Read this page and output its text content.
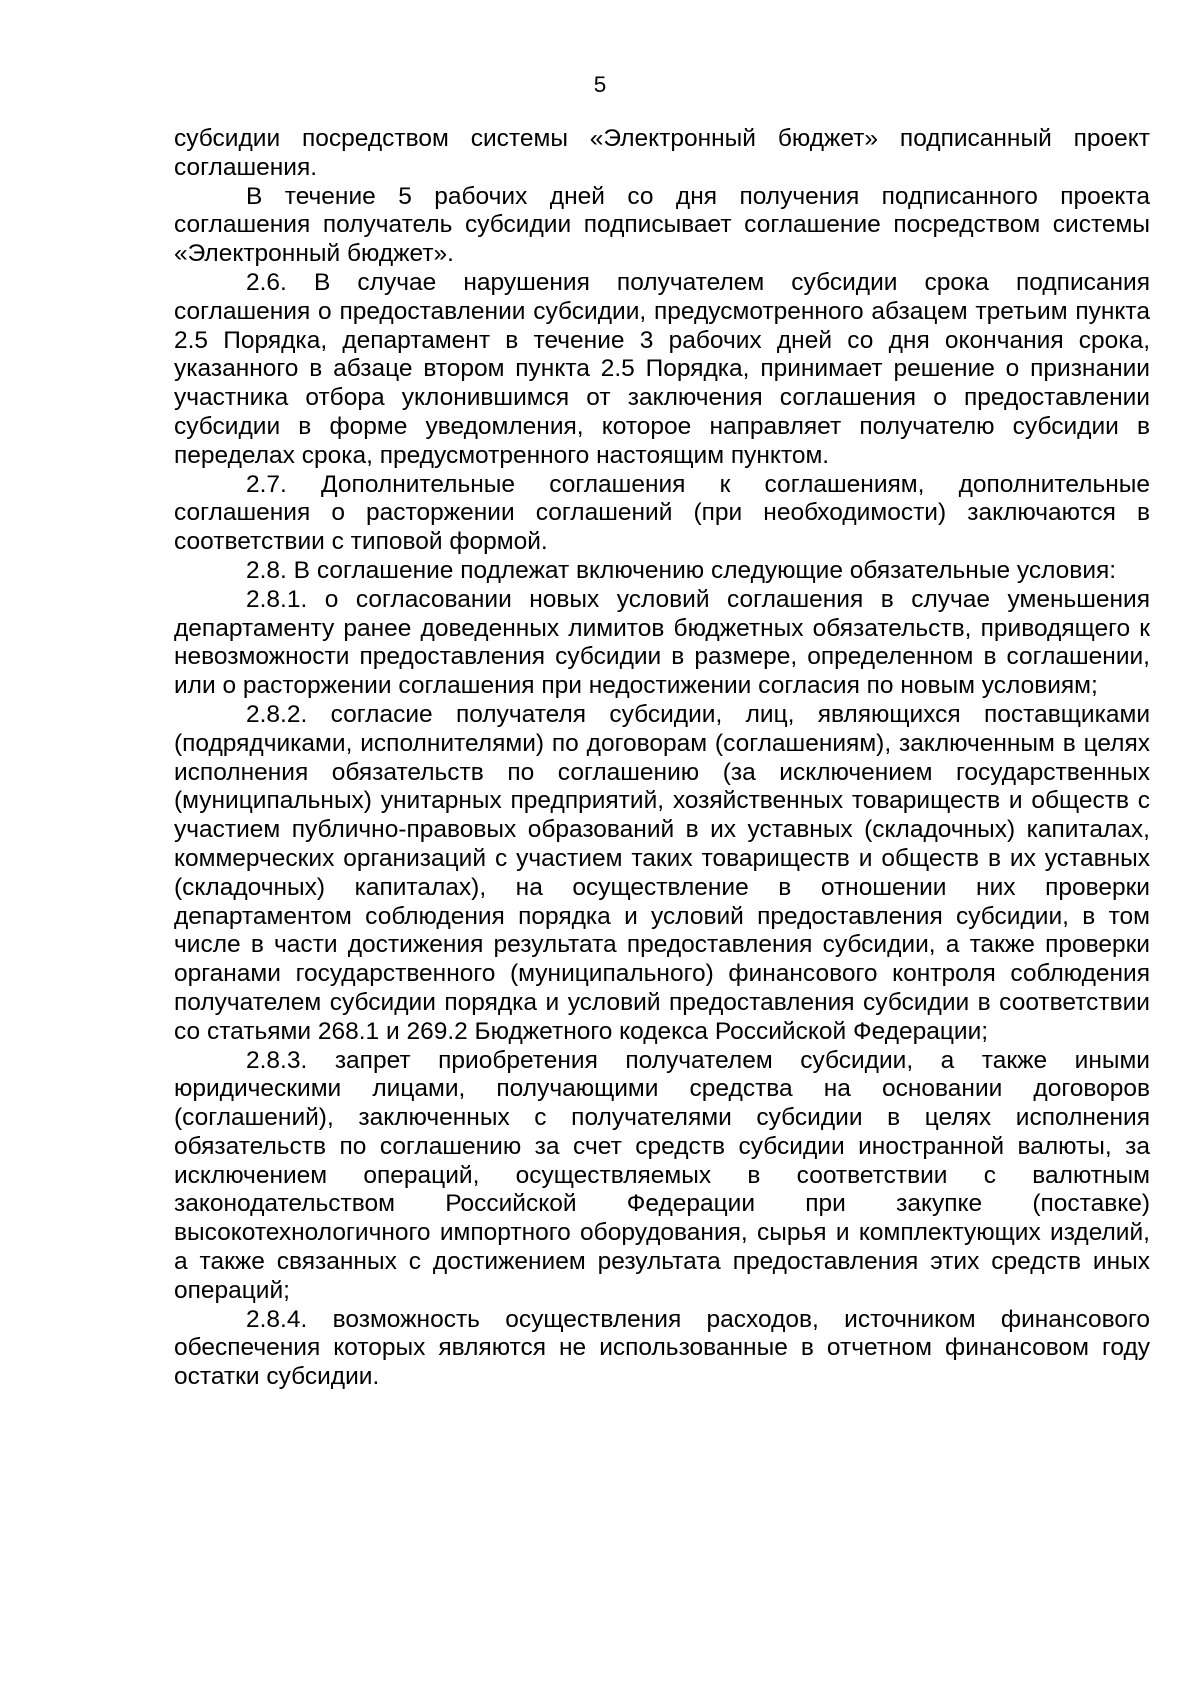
5

субсидии посредством системы «Электронный бюджет» подписанный проект соглашения.

В течение 5 рабочих дней со дня получения подписанного проекта соглашения получатель субсидии подписывает соглашение посредством системы «Электронный бюджет».

2.6. В случае нарушения получателем субсидии срока подписания соглашения о предоставлении субсидии, предусмотренного абзацем третьим пункта 2.5 Порядка, департамент в течение 3 рабочих дней со дня окончания срока, указанного в абзаце втором пункта 2.5 Порядка, принимает решение о признании участника отбора уклонившимся от заключения соглашения о предоставлении субсидии в форме уведомления, которое направляет получателю субсидии в переделах срока, предусмотренного настоящим пунктом.

2.7. Дополнительные соглашения к соглашениям, дополнительные соглашения о расторжении соглашений (при необходимости) заключаются в соответствии с типовой формой.

2.8. В соглашение подлежат включению следующие обязательные условия:

2.8.1. о согласовании новых условий соглашения в случае уменьшения департаменту ранее доведенных лимитов бюджетных обязательств, приводящего к невозможности предоставления субсидии в размере, определенном в соглашении, или о расторжении соглашения при недостижении согласия по новым условиям;

2.8.2. согласие получателя субсидии, лиц, являющихся поставщиками (подрядчиками, исполнителями) по договорам (соглашениям), заключенным в целях исполнения обязательств по соглашению (за исключением государственных (муниципальных) унитарных предприятий, хозяйственных товариществ и обществ с участием публично-правовых образований в их уставных (складочных) капиталах, коммерческих организаций с участием таких товариществ и обществ в их уставных (складочных) капиталах), на осуществление в отношении них проверки департаментом соблюдения порядка и условий предоставления субсидии, в том числе в части достижения результата предоставления субсидии, а также проверки органами государственного (муниципального) финансового контроля соблюдения получателем субсидии порядка и условий предоставления субсидии в соответствии со статьями 268.1 и 269.2 Бюджетного кодекса Российской Федерации;

2.8.3. запрет приобретения получателем субсидии, а также иными юридическими лицами, получающими средства на основании договоров (соглашений), заключенных с получателями субсидии в целях исполнения обязательств по соглашению за счет средств субсидии иностранной валюты, за исключением операций, осуществляемых в соответствии с валютным законодательством Российской Федерации при закупке (поставке) высокотехнологичного импортного оборудования, сырья и комплектующих изделий, а также связанных с достижением результата предоставления этих средств иных операций;

2.8.4. возможность осуществления расходов, источником финансового обеспечения которых являются не использованные в отчетном финансовом году остатки субсидии.
